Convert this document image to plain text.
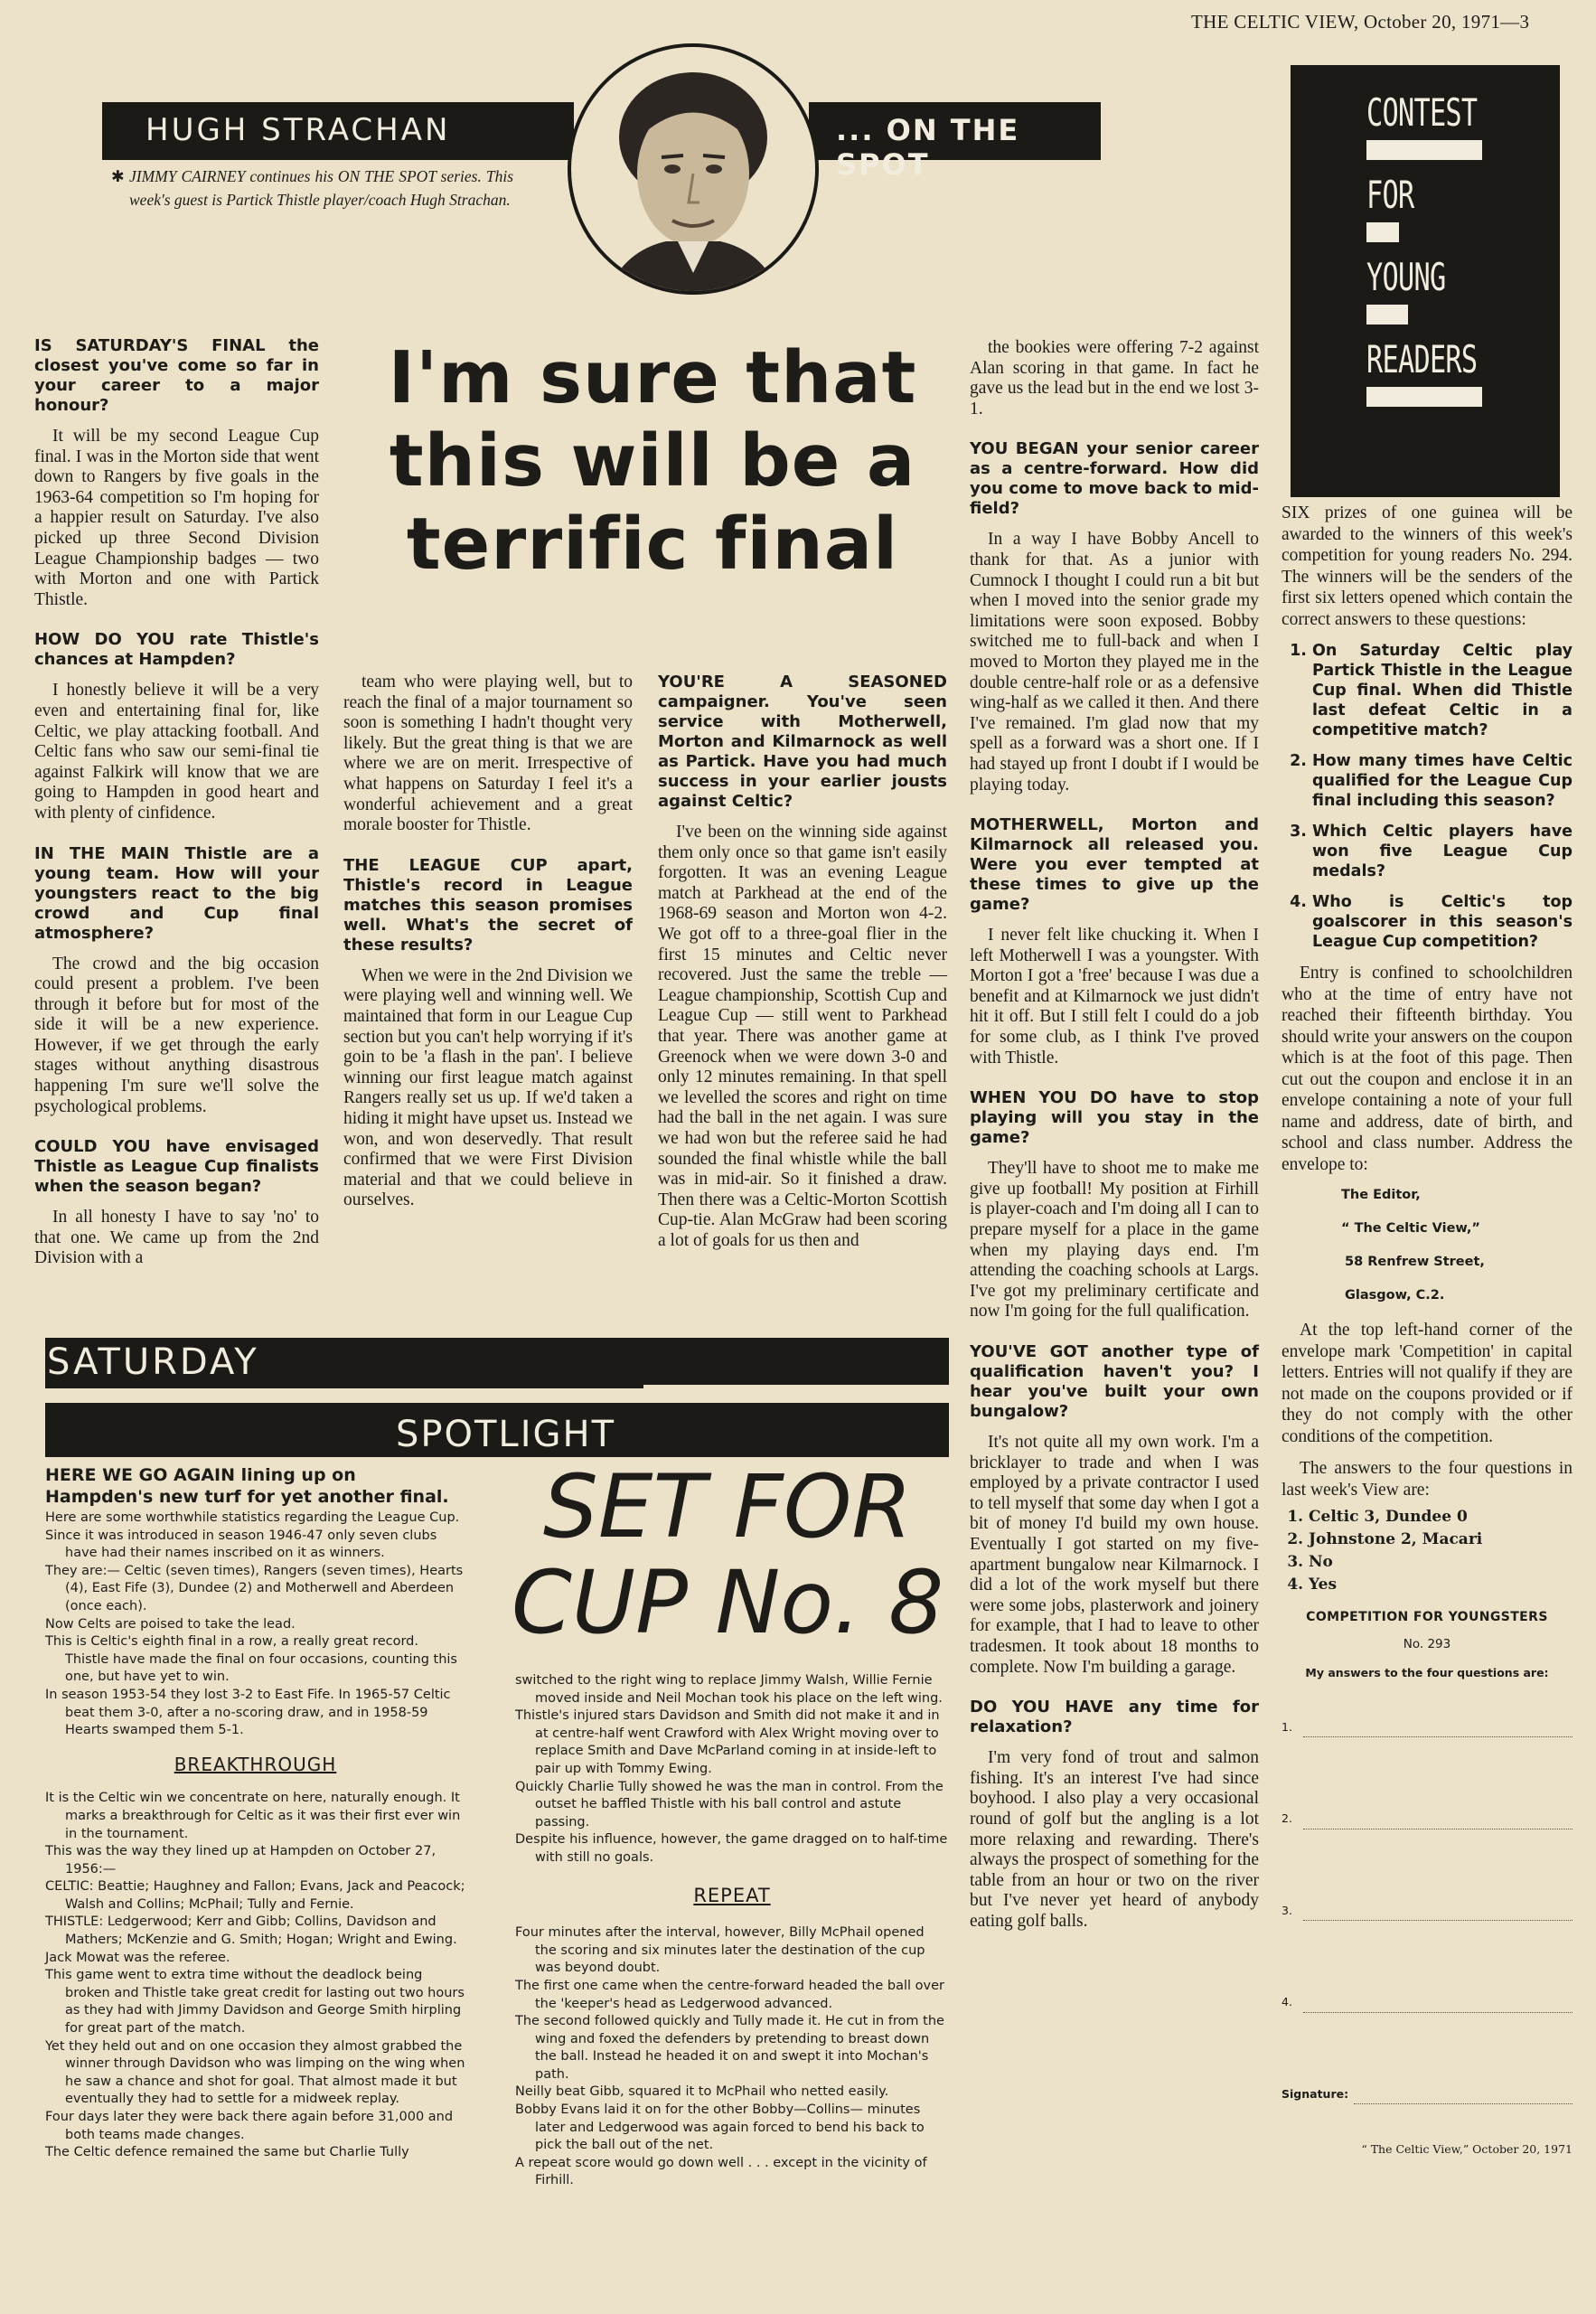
THE CELTIC VIEW, October 20, 1971—3
HUGH STRACHAN	... ON THE SPOT
✱ JIMMY CAIRNEY continues his ON THE SPOT series. This week's guest is Partick Thistle player/coach Hugh Strachan.
I'm sure that this will be a terrific final
IS SATURDAY'S FINAL the closest you've come so far in your career to a major honour?

It will be my second League Cup final. I was in the Morton side that went down to Rangers by five goals in the 1963-64 competition so I'm hoping for a happier result on Saturday. I've also picked up three Second Division League Championship badges — two with Morton and one with Partick Thistle.

HOW DO YOU rate Thistle's chances at Hampden?

I honestly believe it will be a very even and entertaining final for, like Celtic, we play attacking football. And Celtic fans who saw our semi-final tie against Falkirk will know that we are going to Hampden in good heart and with plenty of cinfidence.

IN THE MAIN Thistle are a young team. How will your youngsters react to the big crowd and Cup final atmosphere?

The crowd and the big occasion could present a problem. I've been through it before but for most of the side it will be a new experience. However, if we get through the early stages without anything disastrous happening I'm sure we'll solve the psychological problems.

COULD YOU have envisaged Thistle as League Cup finalists when the season began?

In all honesty I have to say 'no' to that one. We came up from the 2nd Division with a

team who were playing well, but to reach the final of a major tournament so soon is something I hadn't thought very likely. But the great thing is that we are where we are on merit. Irrespective of what happens on Saturday I feel it's a wonderful achievement and a great morale booster for Thistle.

THE LEAGUE CUP apart, Thistle's record in League matches this season promises well. What's the secret of these results?

When we were in the 2nd Division we were playing well and winning well. We maintained that form in our League Cup section but you can't help worrying if it's goin to be 'a flash in the pan'. I believe winning our first league match against Rangers really set us up. If we'd taken a hiding it might have upset us. Instead we won, and won deservedly. That result confirmed that we were First Division material and that we could believe in ourselves.

YOU'RE A SEASONED campaigner. You've seen service with Motherwell, Morton and Kilmarnock as well as Partick. Have you had much success in your earlier jousts against Celtic?

I've been on the winning side against them only once so that game isn't easily forgotten. It was an evening League match at Parkhead at the end of the 1968-69 season and Morton won 4-2. We got off to a three-goal flier in the first 15 minutes and Celtic never recovered. Just the same the treble — League championship, Scottish Cup and League Cup — still went to Parkhead that year. There was another game at Greenock when we were down 3-0 and only 12 minutes remaining. In that spell we levelled the scores and right on time had the ball in the net again. I was sure we had won but the referee said he had sounded the final whistle while the ball was in mid-air. So it finished a draw. Then there was a Celtic-Morton Scottish Cup-tie. Alan McGraw had been scoring a lot of goals for us then and

the bookies were offering 7-2 against Alan scoring in that game. In fact he gave us the lead but in the end we lost 3-1.

YOU BEGAN your senior career as a centre-forward. How did you come to move back to mid-field?

In a way I have Bobby Ancell to thank for that. As a junior with Cumnock I thought I could run a bit but when I moved into the senior grade my limitations were soon exposed. Bobby switched me to full-back and when I moved to Morton they played me in the double centre-half role or as a defensive wing-half as we called it then. And there I've remained. I'm glad now that my spell as a forward was a short one. If I had stayed up front I doubt if I would be playing today.

MOTHERWELL, Morton and Kilmarnock all released you. Were you ever tempted at these times to give up the game?

I never felt like chucking it. When I left Motherwell I was a youngster. With Morton I got a 'free' because I was due a benefit and at Kilmarnock we just didn't hit it off. But I still felt I could do a job for some club, as I think I've proved with Thistle.

WHEN YOU DO have to stop playing will you stay in the game?

They'll have to shoot me to make me give up football! My position at Firhill is player-coach and I'm doing all I can to prepare myself for a place in the game when my playing days end. I'm attending the coaching schools at Largs. I've got my preliminary certificate and now I'm going for the full qualification.

YOU'VE GOT another type of qualification haven't you? I hear you've built your own bungalow?

It's not quite all my own work. I'm a bricklayer to trade and when I was employed by a private contractor I used to tell myself that some day when I got a bit of money I'd build my own house. Eventually I got started on my five-apartment bungalow near Kilmarnock. I did a lot of the work myself but there were some jobs, plasterwork and joinery for example, that I had to leave to other tradesmen. It took about 18 months to complete. Now I'm building a garage.

DO YOU HAVE any time for relaxation?

I'm very fond of trout and salmon fishing. It's an interest I've had since boyhood. I also play a very occasional round of golf but the angling is a lot more relaxing and rewarding. There's always the prospect of something for the table from an hour or two on the river but I've never yet heard of anybody eating golf balls.

SATURDAY
SPOTLIGHT
SET FOR
CUP No. 8
HERE WE GO AGAIN lining up on Hampden's new turf for yet another final.

Here are some worthwhile statistics regarding the League Cup.

Since it was introduced in season 1946-47 only seven clubs have had their names inscribed on it as winners.

They are:— Celtic (seven times), Rangers (seven times), Hearts (4), East Fife (3), Dundee (2) and Motherwell and Aberdeen (once each).

Now Celts are poised to take the lead.

This is Celtic's eighth final in a row, a really great record. Thistle have made the final on four occasions, counting this one, but have yet to win.

In season 1953-54 they lost 3-2 to East Fife. In 1965-57 Celtic beat them 3-0, after a no-scoring draw, and in 1958-59 Hearts swamped them 5-1.

BREAKTHROUGH

It is the Celtic win we concentrate on here, naturally enough. It marks a breakthrough for Celtic as it was their first ever win in the tournament.

This was the way they lined up at Hampden on October 27, 1956:—

CELTIC: Beattie; Haughney and Fallon; Evans, Jack and Peacock; Walsh and Collins; McPhail; Tully and Fernie.

THISTLE: Ledgerwood; Kerr and Gibb; Collins, Davidson and Mathers; McKenzie and G. Smith; Hogan; Wright and Ewing.

Jack Mowat was the referee.

This game went to extra time without the deadlock being broken and Thistle take great credit for lasting out two hours as they had with Jimmy Davidson and George Smith hirpling for great part of the match.

Yet they held out and on one occasion they almost grabbed the winner through Davidson who was limping on the wing when he saw a chance and shot for goal. That almost made it but eventually they had to settle for a midweek replay.

Four days later they were back there again before 31,000 and both teams made changes.

The Celtic defence remained the same but Charlie Tully

switched to the right wing to replace Jimmy Walsh, Willie Fernie moved inside and Neil Mochan took his place on the left wing.

Thistle's injured stars Davidson and Smith did not make it and in at centre-half went Crawford with Alex Wright moving over to replace Smith and Dave McParland coming in at inside-left to pair up with Tommy Ewing.

Quickly Charlie Tully showed he was the man in control. From the outset he baffled Thistle with his ball control and astute passing.

Despite his influence, however, the game dragged on to half-time with still no goals.

REPEAT

Four minutes after the interval, however, Billy McPhail opened the scoring and six minutes later the destination of the cup was beyond doubt.

The first one came when the centre-forward headed the ball over the 'keeper's head as Ledgerwood advanced.

The second followed quickly and Tully made it. He cut in from the wing and foxed the defenders by pretending to breast down the ball. Instead he headed it on and swept it into Mochan's path.

Neilly beat Gibb, squared it to McPhail who netted easily.

Bobby Evans laid it on for the other Bobby—Collins— minutes later and Ledgerwood was again forced to bend his back to pick the ball out of the net.

A repeat score would go down well . . . except in the vicinity of Firhill.

CONTEST
FOR
YOUNG
READERS

SIX prizes of one guinea will be awarded to the winners of this week's competition for young readers No. 294. The winners will be the senders of the first six letters opened which contain the correct answers to these questions:

1. On Saturday Celtic play Partick Thistle in the League Cup final. When did Thistle last defeat Celtic in a competitive match?
2. How many times have Celtic qualified for the League Cup final including this season?
3. Which Celtic players have won five League Cup medals?
4. Who is Celtic's top goalscorer in this season's League Cup competition?

Entry is confined to schoolchildren who at the time of entry have not reached their fifteenth birthday. You should write your answers on the coupon which is at the foot of this page. Then cut out the coupon and enclose it in an envelope containing a note of your full name and address, date of birth, and school and class number. Address the envelope to:

The Editor,
“ The Celtic View,”
58 Renfrew Street,
Glasgow, C.2.

At the top left-hand corner of the envelope mark 'Competition' in capital letters. Entries will not qualify if they are not made on the coupons provided or if they do not comply with the other conditions of the competition.

The answers to the four questions in last week's View are:

1. Celtic 3, Dundee 0
2. Johnstone 2, Macari
3. No
4. Yes
COMPETITION FOR YOUNGSTERS
No. 293
My answers to the four questions are:
1.
2.
3.
4.
Signature:
“ The Celtic View,” October 20, 1971
